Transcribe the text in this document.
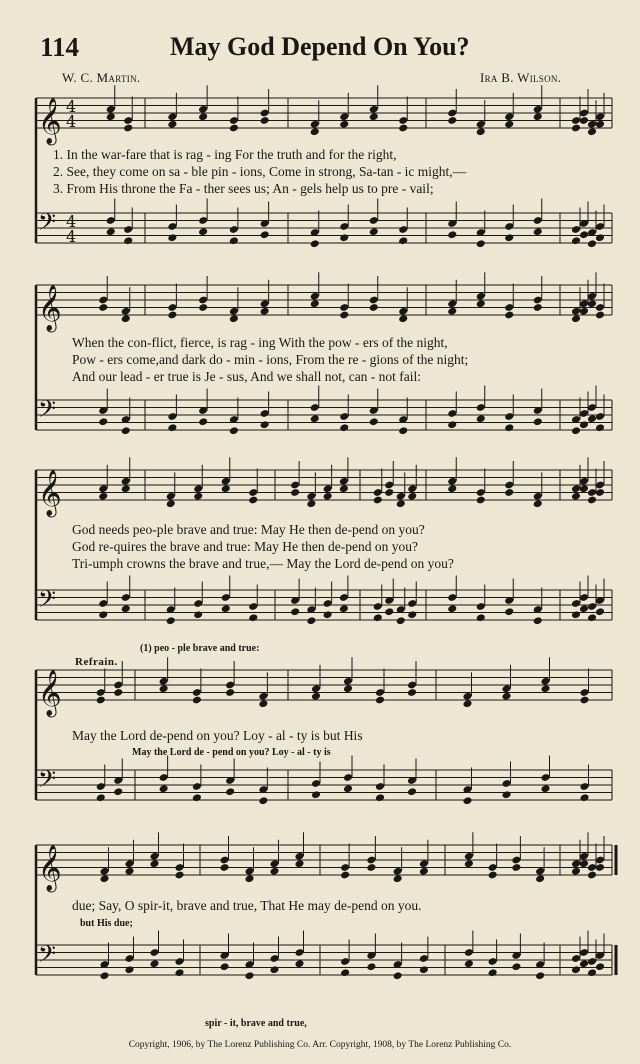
114	May God Depend On You?
W. C. Martin.	Ira B. Wilson.
𝄞
𝄢
4
4
4
4
𝄞
𝄢
𝄞
𝄢
𝄞
𝄢
𝄞
𝄢
1. In the war-fare that is rag - ing For the truth and for the right,
2. See, they come on sa - ble pin - ions, Come in strong, Sa-tan - ic might,—
3. From His throne the Fa - ther sees us; An - gels help us to pre - vail;
When the con-flict, fierce, is rag - ing With the pow - ers of the night,
Pow - ers come,and dark do - min - ions, From the re - gions of the night;
And our lead - er true is Je - sus, And we shall not, can - not fail:
God needs peo-ple brave and true: May He then de-pend on you?
God re-quires the brave and true: May He then de-pend on you?
Tri-umph crowns the brave and true,— May the Lord de-pend on you?
(1) peo - ple brave and true:
Refrain.
May the Lord de-pend on you? Loy - al - ty is but His
May the Lord de - pend on you? Loy - al - ty is
due; Say, O spir-it, brave and true, That He may de-pend on you.
but His due;
spir - it, brave and true,
Copyright, 1906, by The Lorenz Publishing Co. Arr. Copyright, 1908, by The Lorenz Publishing Co.
